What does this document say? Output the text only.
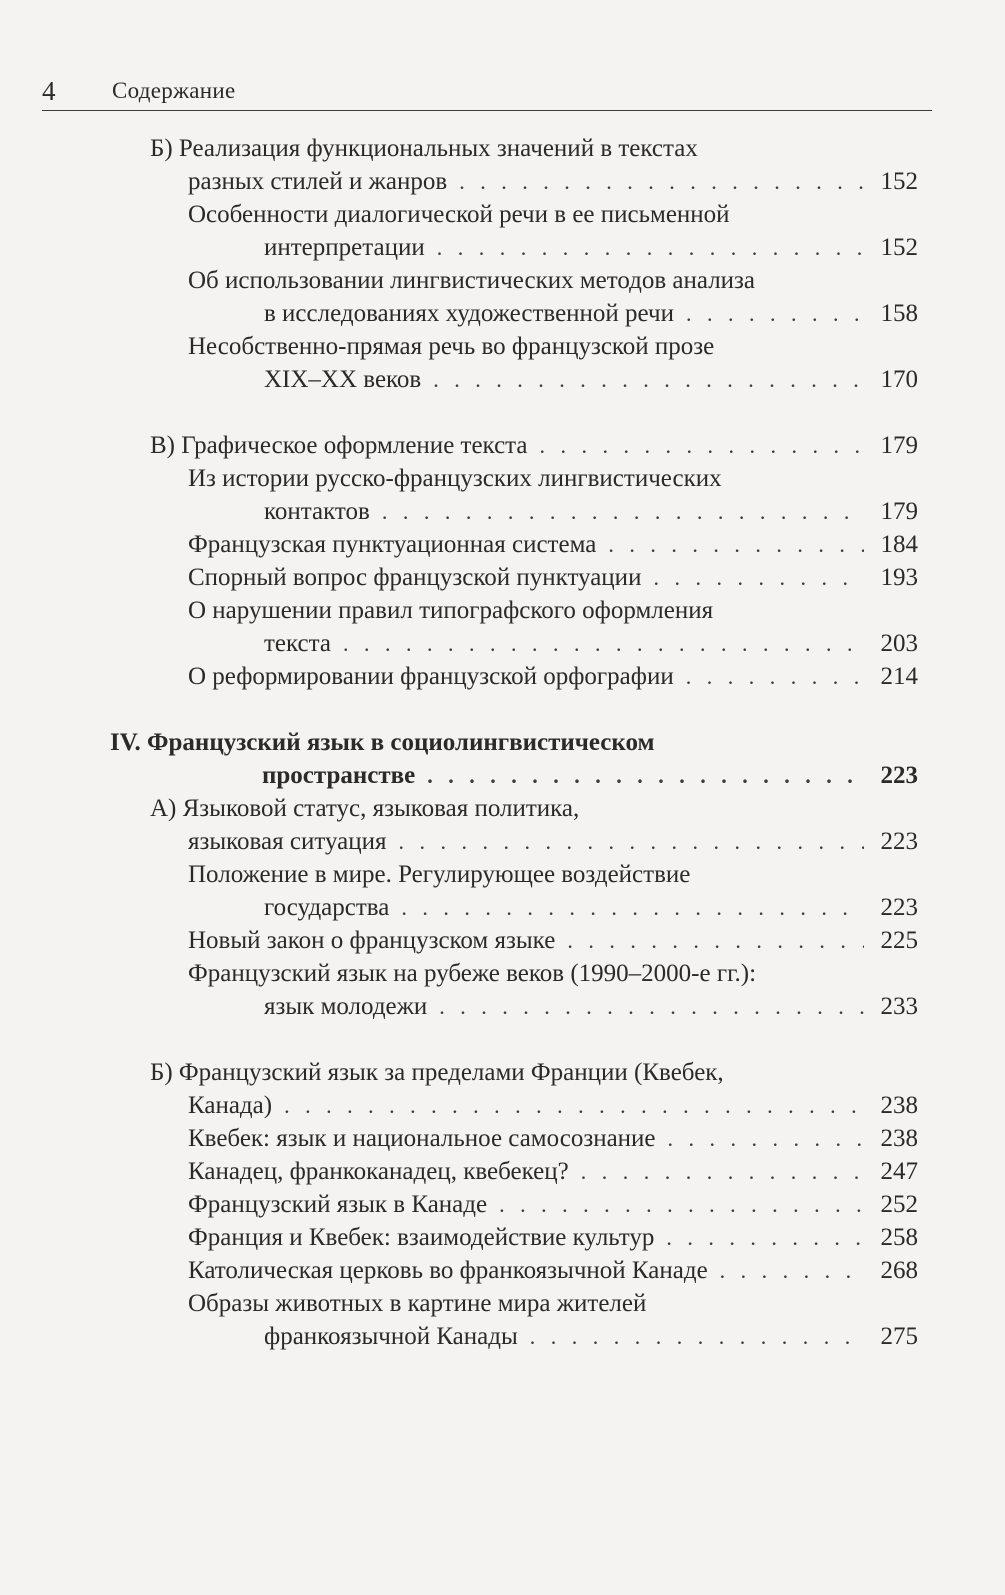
4 Содержание
Б) Реализация функциональных значений в текстах
разных стилей и жанров . . .	152
Особенности диалогической речи в ее письменной
интерпретации . . .	152
Об использовании лингвистических методов анализа
в исследованиях художественной речи . . .	158
Несобственно-прямая речь во французской прозе
XIX–XX веков . . .	170
В) Графическое оформление текста . . .	179
Из истории русско-французских лингвистических
контактов . . .	179
Французская пунктуационная система . . .	184
Спорный вопрос французской пунктуации . . .	193
О нарушении правил типографского оформления
текста . . .	203
О реформировании французской орфографии . . .	214
IV. Французский язык в социолингвистическом
пространстве . . .	223
А) Языковой статус, языковая политика,
языковая ситуация . . .	223
Положение в мире. Регулирующее воздействие
государства . . .	223
Новый закон о французском языке . . .	225
Французский язык на рубеже веков (1990–2000-е гг.):
язык молодежи . . .	233
Б) Французский язык за пределами Франции (Квебек,
Канада) . . .	238
Квебек: язык и национальное самосознание . . .	238
Канадец, франкоканадец, квебекец? . . .	247
Французский язык в Канаде . . .	252
Франция и Квебек: взаимодействие культур . . .	258
Католическая церковь во франкоязычной Канаде . . .	268
Образы животных в картине мира жителей
франкоязычной Канады . . .	275
